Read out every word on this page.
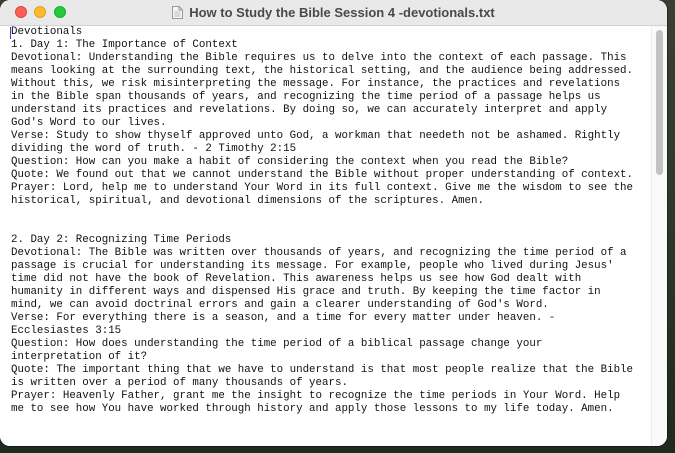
How to Study the Bible Session 4 -devotionals.txt
Devotionals
1. Day 1: The Importance of Context
Devotional: Understanding the Bible requires us to delve into the context of each passage. This
means looking at the surrounding text, the historical setting, and the audience being addressed.
Without this, we risk misinterpreting the message. For instance, the practices and revelations
in the Bible span thousands of years, and recognizing the time period of a passage helps us
understand its practices and revelations. By doing so, we can accurately interpret and apply
God's Word to our lives.
Verse: Study to show thyself approved unto God, a workman that needeth not be ashamed. Rightly
dividing the word of truth. - 2 Timothy 2:15
Question: How can you make a habit of considering the context when you read the Bible?
Quote: We found out that we cannot understand the Bible without proper understanding of context.
Prayer: Lord, help me to understand Your Word in its full context. Give me the wisdom to see the
historical, spiritual, and devotional dimensions of the scriptures. Amen.

2. Day 2: Recognizing Time Periods
Devotional: The Bible was written over thousands of years, and recognizing the time period of a
passage is crucial for understanding its message. For example, people who lived during Jesus'
time did not have the book of Revelation. This awareness helps us see how God dealt with
humanity in different ways and dispensed His grace and truth. By keeping the time factor in
mind, we can avoid doctrinal errors and gain a clearer understanding of God's Word.
Verse: For everything there is a season, and a time for every matter under heaven. -
Ecclesiastes 3:15
Question: How does understanding the time period of a biblical passage change your
interpretation of it?
Quote: The important thing that we have to understand is that most people realize that the Bible
is written over a period of many thousands of years.
Prayer: Heavenly Father, grant me the insight to recognize the time periods in Your Word. Help
me to see how You have worked through history and apply those lessons to my life today. Amen.
